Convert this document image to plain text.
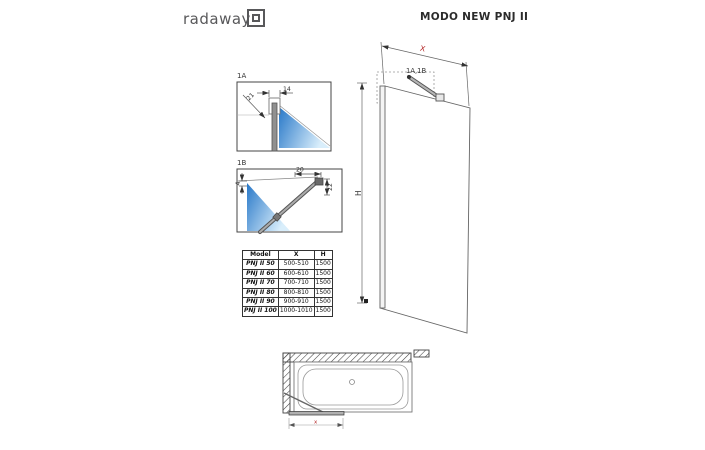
radaway	MODO NEW PNJ II
1A
14
21
1B
20
22
4
Model	X	H
PNJ II 50	500-510	1500
PNJ II 60	600-610	1500
PNJ II 70	700-710	1500
PNJ II 80	800-810	1500
PNJ II 90	900-910	1500
PNJ II 100	1000-1010	1500
1A,1B
X
H
x
